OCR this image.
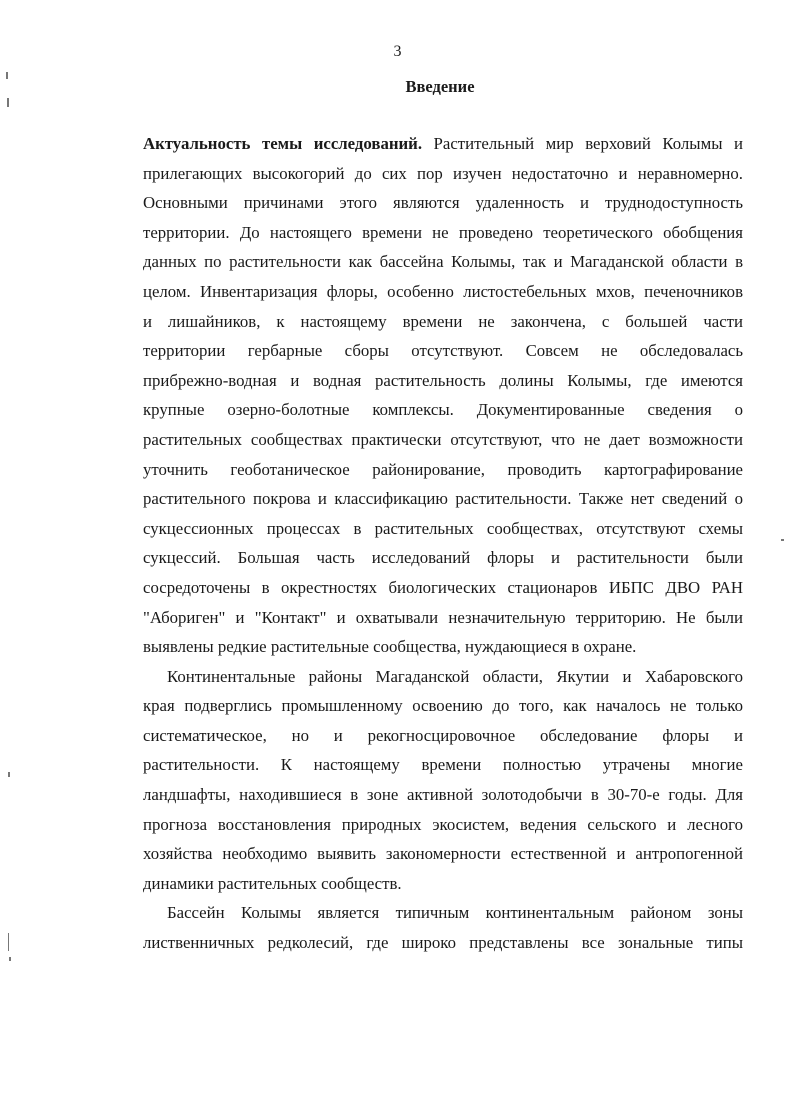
3
Введение

Актуальность темы исследований. Растительный мир верховий Колымы и

прилегающих высокогорий до сих пор изучен недостаточно и неравномерно.

Основными причинами этого являются удаленность и труднодоступность

территории. До настоящего времени не проведено теоретического обобщения

данных по растительности как бассейна Колымы, так и Магаданской области в

целом. Инвентаризация флоры, особенно листостебельных мхов, печеночников

и лишайников, к настоящему времени не закончена, с большей части

территории гербарные сборы отсутствуют. Совсем не обследовалась

прибрежно-водная и водная растительность долины Колымы, где имеются

крупные озерно-болотные комплексы. Документированные сведения о

растительных сообществах практически отсутствуют, что не дает возможности

уточнить геоботаническое районирование, проводить картографирование

растительного покрова и классификацию растительности. Также нет сведений о

сукцессионных процессах в растительных сообществах, отсутствуют схемы

сукцессий. Большая часть исследований флоры и растительности были

сосредоточены в окрестностях биологических стационаров ИБПС ДВО РАН

"Абориген" и "Контакт" и охватывали незначительную территорию. Не были

выявлены редкие растительные сообщества, нуждающиеся в охране.

Континентальные районы Магаданской области, Якутии и Хабаровского

края подверглись промышленному освоению до того, как началось не только

систематическое, но и рекогносцировочное обследование флоры и

растительности. К настоящему времени полностью утрачены многие

ландшафты, находившиеся в зоне активной золотодобычи в 30-70-е годы. Для

прогноза восстановления природных экосистем, ведения сельского и лесного

хозяйства необходимо выявить закономерности естественной и антропогенной

динамики растительных сообществ.

Бассейн Колымы является типичным континентальным районом зоны

лиственничных редколесий, где широко представлены все зональные типы
